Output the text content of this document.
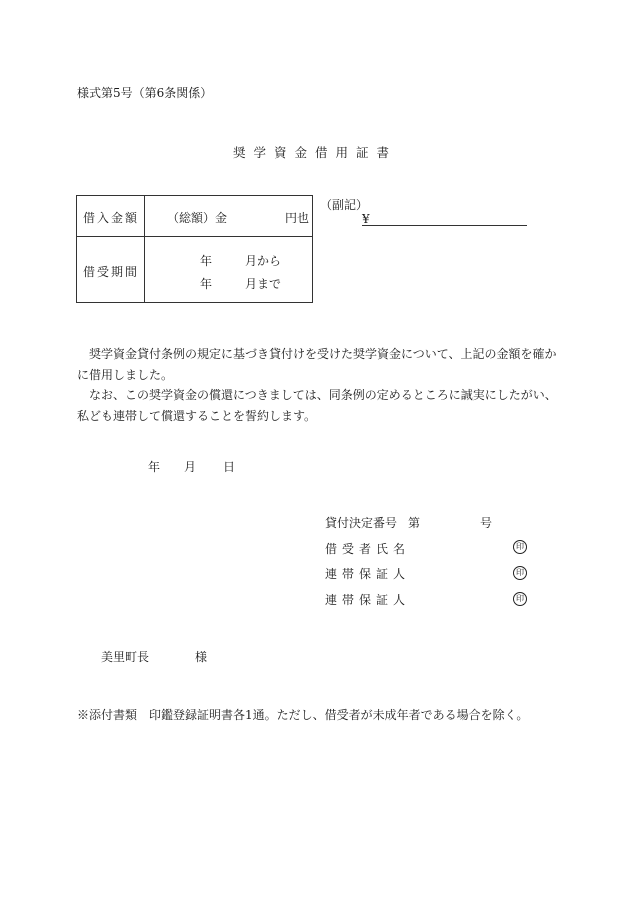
様式第5号（第6条関係）
奨学資金借用証書
借入金額 （総額）金	円也
借受期間
年	月から
年	月まで
（副記）
¥

奨学資金貸付条例の規定に基づき貸付けを受けた奨学資金について、上記の金額を確かに借用しました。

なお、この奨学資金の償還につきましては、同条例の定めるところに誠実にしたがい、私ども連帯して償還することを誓約します。

年 月 日
貸付決定番号 第	号
借受者氏名	印
連帯保証人	印
連帯保証人	印
美里町長	様
※添付書類　印鑑登録証明書各1通。ただし、借受者が未成年者である場合を除く。
